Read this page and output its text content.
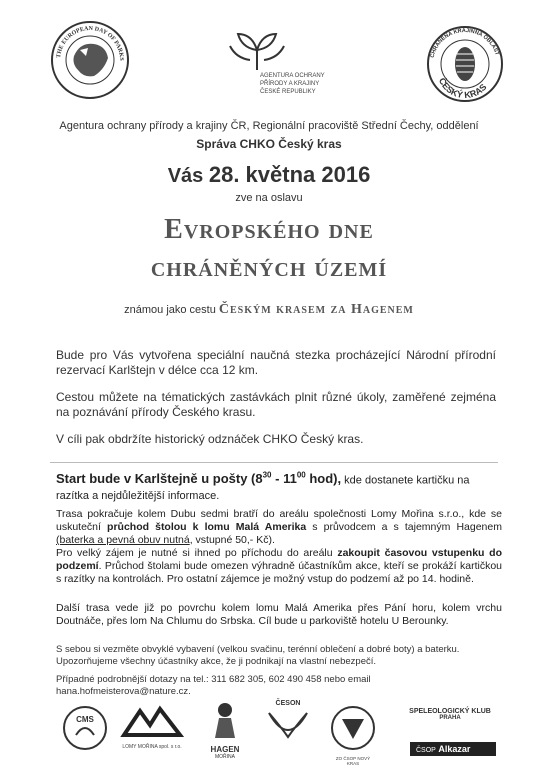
THE EUROPEAN DAY OF PARKS
AGENTURA OCHRANY
PŘÍRODY A KRAJINY
ČESKÉ REPUBLIKY
CHRÁNĚNÁ KRAJINNÁ OBLAST
ČESKÝ KRAS
Agentura ochrany přírody a krajiny ČR, Regionální pracoviště Střední Čechy, oddělení
Správa CHKO Český kras
Vás 28. května 2016
zve na oslavu
Evropského dne
chráněných území
známou jako cestu Českým krasem za Hagenem
Bude pro Vás vytvořena speciální naučná stezka procházející Národní přírodní rezervací Karlštejn v délce cca 12 km.
Cestou můžete na tématických zastávkách plnit různé úkoly, zaměřené zejména na poznávání přírody Českého krasu.
V cíli pak obdržíte historický odznáček CHKO Český kras.
Start bude v Karlštejně u pošty ($8^{30} - 11^{00}$ hod), kde dostanete kartičku na razítka a nejdůležitější informace.
Trasa pokračuje kolem Dubu sedmi bratří do areálu společnosti Lomy Mořina s.r.o., kde se uskuteční průchod štolou k lomu Malá Amerika s průvodcem a s tajemným Hagenem (baterka a pevná obuv nutná, vstupné 50,- Kč).
Pro velký zájem je nutné si ihned po příchodu do areálu zakoupit časovou vstupenku do podzemí. Průchod štolami bude omezen výhradně účastníkům akce, kteří se prokáží kartičkou s razítky na kontrolách. Pro ostatní zájemce je možný vstup do podzemí až po 14. hodině.
Další trasa vede již po povrchu kolem lomu Malá Amerika přes Pání horu, kolem vrchu Doutnáče, přes lom Na Chlumu do Srbska. Cíl bude u parkoviště hotelu U Berounky.
S sebou si vezměte obvyklé vybavení (velkou svačinu, terénní oblečení a dobré boty) a baterku.
Upozorňujeme všechny účastníky akce, že ji podnikají na vlastní nebezpečí.
Případné podrobnější dotazy na tel.: 311 682 305, 602 490 458 nebo email hana.hofmeisterova@nature.cz.
CMS
LOMY MOŘINA spol. s r.o.	HAGEN
MOŘINA
ČESON
ZO ČSOP NOVÝ KRAS
SPELEOLOGICKÝ KLUB
PRAHA
ČSOP Alkazar
